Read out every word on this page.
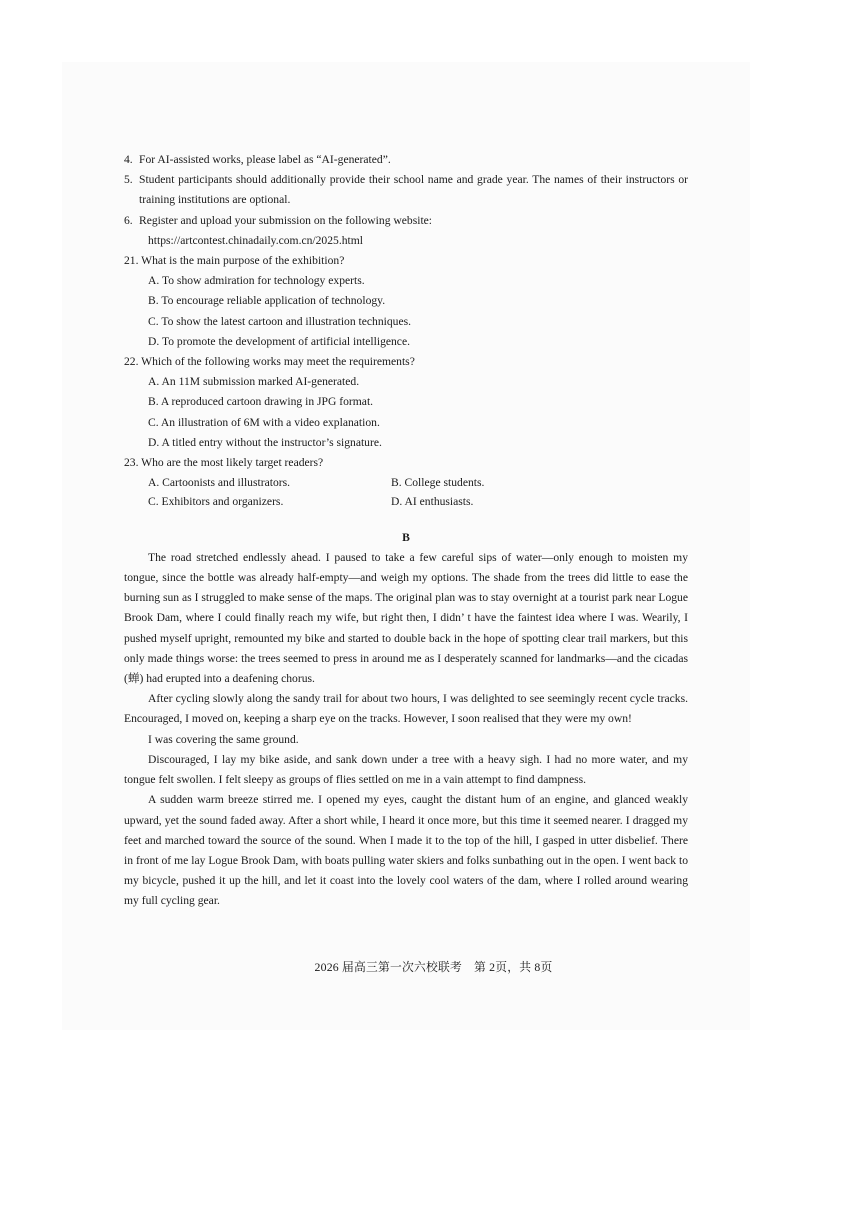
4. For AI-assisted works, please label as “AI-generated”.
5. Student participants should additionally provide their school name and grade year. The names of their instructors or training institutions are optional.
6. Register and upload your submission on the following website:
https://artcontest.chinadaily.com.cn/2025.html
21. What is the main purpose of the exhibition?
A. To show admiration for technology experts.
B. To encourage reliable application of technology.
C. To show the latest cartoon and illustration techniques.
D. To promote the development of artificial intelligence.
22. Which of the following works may meet the requirements?
A. An 11M submission marked AI-generated.
B. A reproduced cartoon drawing in JPG format.
C. An illustration of 6M with a video explanation.
D. A titled entry without the instructor’s signature.
23. Who are the most likely target readers?
A. Cartoonists and illustrators.	B. College students.
C. Exhibitors and organizers.	D. AI enthusiasts.
B

The road stretched endlessly ahead. I paused to take a few careful sips of water—only enough to moisten my tongue, since the bottle was already half-empty—and weigh my options. The shade from the trees did little to ease the burning sun as I struggled to make sense of the maps. The original plan was to stay overnight at a tourist park near Logue Brook Dam, where I could finally reach my wife, but right then, I didn’ t have the faintest idea where I was. Wearily, I pushed myself upright, remounted my bike and started to double back in the hope of spotting clear trail markers, but this only made things worse: the trees seemed to press in around me as I desperately scanned for landmarks—and the cicadas (蝉) had erupted into a deafening chorus.

After cycling slowly along the sandy trail for about two hours, I was delighted to see seemingly recent cycle tracks. Encouraged, I moved on, keeping a sharp eye on the tracks. However, I soon realised that they were my own!

I was covering the same ground.

Discouraged, I lay my bike aside, and sank down under a tree with a heavy sigh. I had no more water, and my tongue felt swollen. I felt sleepy as groups of flies settled on me in a vain attempt to find dampness.

A sudden warm breeze stirred me. I opened my eyes, caught the distant hum of an engine, and glanced weakly upward, yet the sound faded away. After a short while, I heard it once more, but this time it seemed nearer. I dragged my feet and marched toward the source of the sound. When I made it to the top of the hill, I gasped in utter disbelief. There in front of me lay Logue Brook Dam, with boats pulling water skiers and folks sunbathing out in the open. I went back to my bicycle, pushed it up the hill, and let it coast into the lovely cool waters of the dam, where I rolled around wearing my full cycling gear.

2026 届高三第一次六校联考　第 2页，共 8页
